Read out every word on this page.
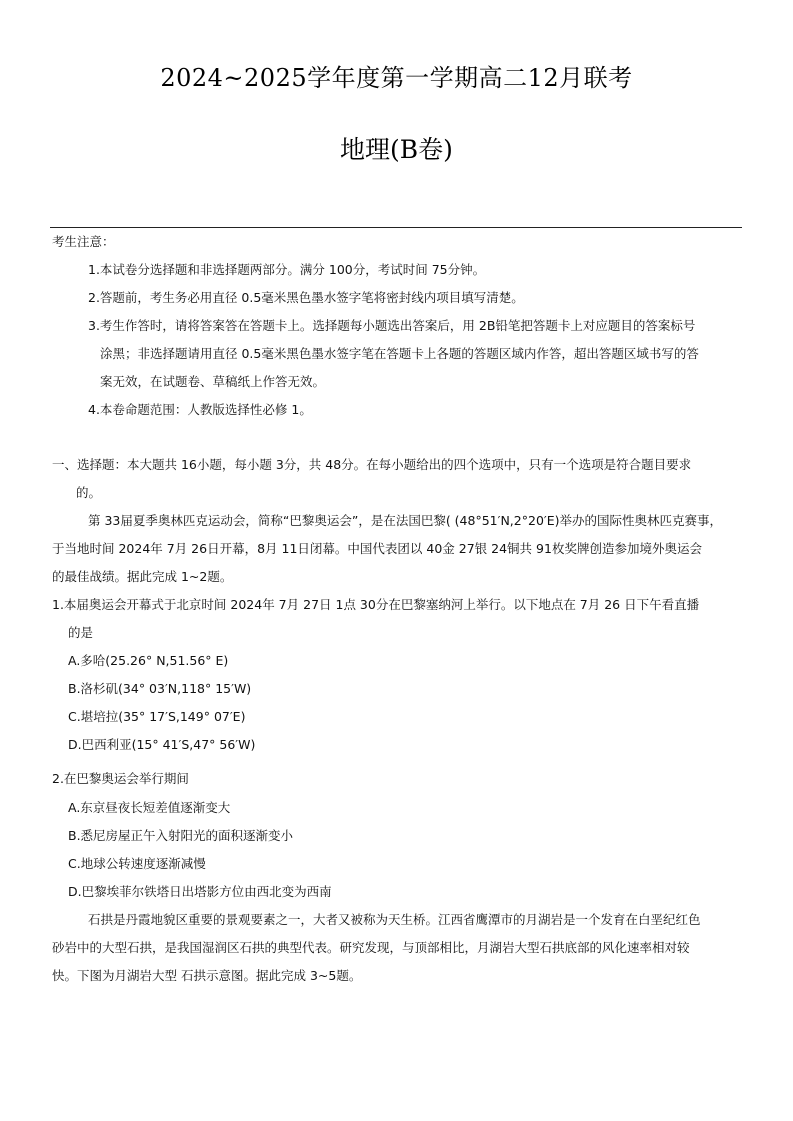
2024~2025学年度第一学期高二12月联考
地理(B卷)
考生注意：
1.本试卷分选择题和非选择题两部分。满分 100分，考试时间 75分钟。
2.答题前，考生务必用直径 0.5毫米黑色墨水签字笔将密封线内项目填写清楚。
3.考生作答时，请将答案答在答题卡上。选择题每小题选出答案后，用 2B铅笔把答题卡上对应题目的答案标号
涂黑；非选择题请用直径 0.5毫米黑色墨水签字笔在答题卡上各题的答题区域内作答，超出答题区域书写的答
案无效，在试题卷、草稿纸上作答无效。
4.本卷命题范围：人教版选择性必修 1。
一、选择题：本大题共 16小题，每小题 3分，共 48分。在每小题给出的四个选项中，只有一个选项是符合题目要求
的。
第 33届夏季奥林匹克运动会，简称“巴黎奥运会”，是在法国巴黎( (48°51′N,2°20′E)举办的国际性奥林匹克赛事，
于当地时间 2024年 7月 26日开幕，8月 11日闭幕。中国代表团以 40金 27银 24铜共 91枚奖牌创造参加境外奥运会
的最佳战绩。据此完成 1~2题。
1.本届奥运会开幕式于北京时间 2024年 7月 27日 1点 30分在巴黎塞纳河上举行。以下地点在 7月 26 日下午看直播
的是
A.多哈(25.26° N,51.56° E)
B.洛杉矶(34° 03′N,118° 15′W)
C.堪培拉(35° 17′S,149° 07′E)
D.巴西利亚(15° 41′S,47° 56′W)
2.在巴黎奥运会举行期间
A.东京昼夜长短差值逐渐变大
B.悉尼房屋正午入射阳光的面积逐渐变小
C.地球公转速度逐渐减慢
D.巴黎埃菲尔铁塔日出塔影方位由西北变为西南
石拱是丹霞地貌区重要的景观要素之一，大者又被称为天生桥。江西省鹰潭市的月湖岩是一个发育在白垩纪红色
砂岩中的大型石拱，是我国湿润区石拱的典型代表。研究发现，与顶部相比，月湖岩大型石拱底部的风化速率相对较
快。下图为月湖岩大型 石拱示意图。据此完成 3~5题。
